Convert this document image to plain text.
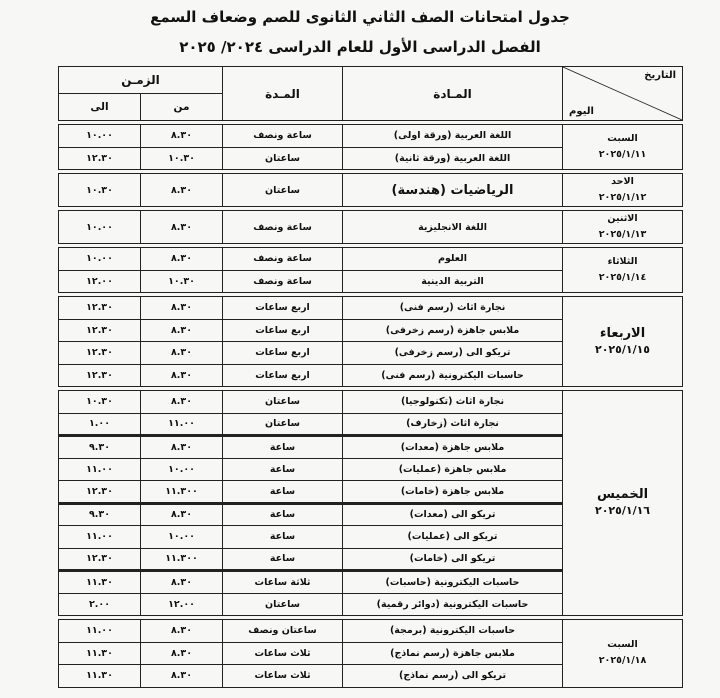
جدول امتحانات الصف الثاني الثانوى للصم وضعاف السمع
الفصل الدراسى الأول للعام الدراسى ٢٠٢٤/ ٢٠٢٥
التاريخ
اليوم	المـادة	المـدة	الزمـن	
			من	الى

السبت
٢٠٢٥/١/١١	اللغة العربية (ورقة اولى)	ساعة ونصف	٨.٣٠	١٠.٠٠
	اللغة العربية (ورقة ثانية)	ساعتان	١٠.٣٠	١٢.٣٠

الاحد
٢٠٢٥/١/١٢	الرياضيات (هندسة)	ساعتان	٨.٣٠	١٠.٣٠

الاثنين
٢٠٢٥/١/١٣	اللغة الانجليزية	ساعة ونصف	٨.٣٠	١٠.٠٠

الثلاثاء
٢٠٢٥/١/١٤	العلوم	ساعة ونصف	٨.٣٠	١٠.٠٠
	التربية الدينية	ساعة ونصف	١٠.٣٠	١٢.٠٠

الاربعاء
٢٠٢٥/١/١٥	نجارة اثاث (رسم فنى)	اربع ساعات	٨.٣٠	١٢.٣٠
	ملابس جاهزة (رسم زخرفى)	اربع ساعات	٨.٣٠	١٢.٣٠
	تريكو الى (رسم زخرفى)	اربع ساعات	٨.٣٠	١٢.٣٠
	حاسبات اليكترونية (رسم فنى)	اربع ساعات	٨.٣٠	١٢.٣٠

الخميس
٢٠٢٥/١/١٦	نجارة اثاث (تكنولوجيا)	ساعتان	٨.٣٠	١٠.٣٠
	نجارة اثاث (زخارف)	ساعتان	١١.٠٠	١.٠٠
	ملابس جاهزة (معدات)	ساعة	٨.٣٠	٩.٣٠
	ملابس جاهزة (عمليات)	ساعة	١٠.٠٠	١١.٠٠
	ملابس جاهزة (خامات)	ساعة	١١.٣٠٠	١٢.٣٠
	تريكو الى (معدات)	ساعة	٨.٣٠	٩.٣٠
	تريكو الى (عمليات)	ساعة	١٠.٠٠	١١.٠٠
	تريكو الى (خامات)	ساعة	١١.٣٠٠	١٢.٣٠
	حاسبات اليكترونية (حاسبات)	ثلاثة ساعات	٨.٣٠	١١.٣٠
	حاسبات اليكترونية (دوائر رقمية)	ساعتان	١٢.٠٠	٢.٠٠

السبت
٢٠٢٥/١/١٨	حاسبات اليكترونية (برمجة)	ساعتان ونصف	٨.٣٠	١١.٠٠
	ملابس جاهزة (رسم نماذج)	ثلاث ساعات	٨.٣٠	١١.٣٠
	تريكو الى (رسم نماذج)	ثلاث ساعات	٨.٣٠	١١.٣٠
